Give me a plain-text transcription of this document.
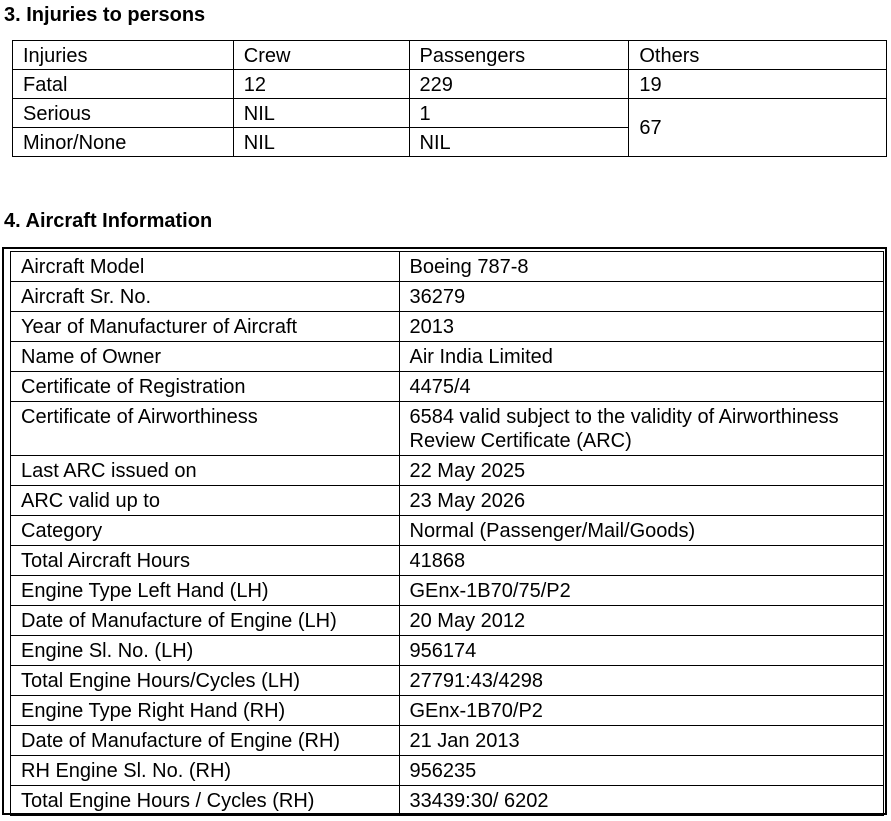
3. Injuries to persons
Injuries	Crew	Passengers	Others
Fatal	12	229	19
Serious	NIL	1	67
Minor/None	NIL	NIL	
4. Aircraft Information
Aircraft Model	Boeing 787-8
Aircraft Sr. No.	36279
Year of Manufacturer of Aircraft	2013
Name of Owner	Air India Limited
Certificate of Registration	4475/4
Certificate of Airworthiness	6584 valid subject to the validity of Airworthiness Review Certificate (ARC)
Last ARC issued on	22 May 2025
ARC valid up to	23 May 2026
Category	Normal (Passenger/Mail/Goods)
Total Aircraft Hours	41868
Engine Type Left Hand (LH)	GEnx-1B70/75/P2
Date of Manufacture of Engine (LH)	20 May 2012
Engine Sl. No. (LH)	956174
Total Engine Hours/Cycles (LH)	27791:43/4298
Engine Type Right Hand (RH)	GEnx-1B70/P2
Date of Manufacture of Engine (RH)	21 Jan 2013
RH Engine Sl. No. (RH)	956235
Total Engine Hours / Cycles (RH)	33439:30/ 6202
